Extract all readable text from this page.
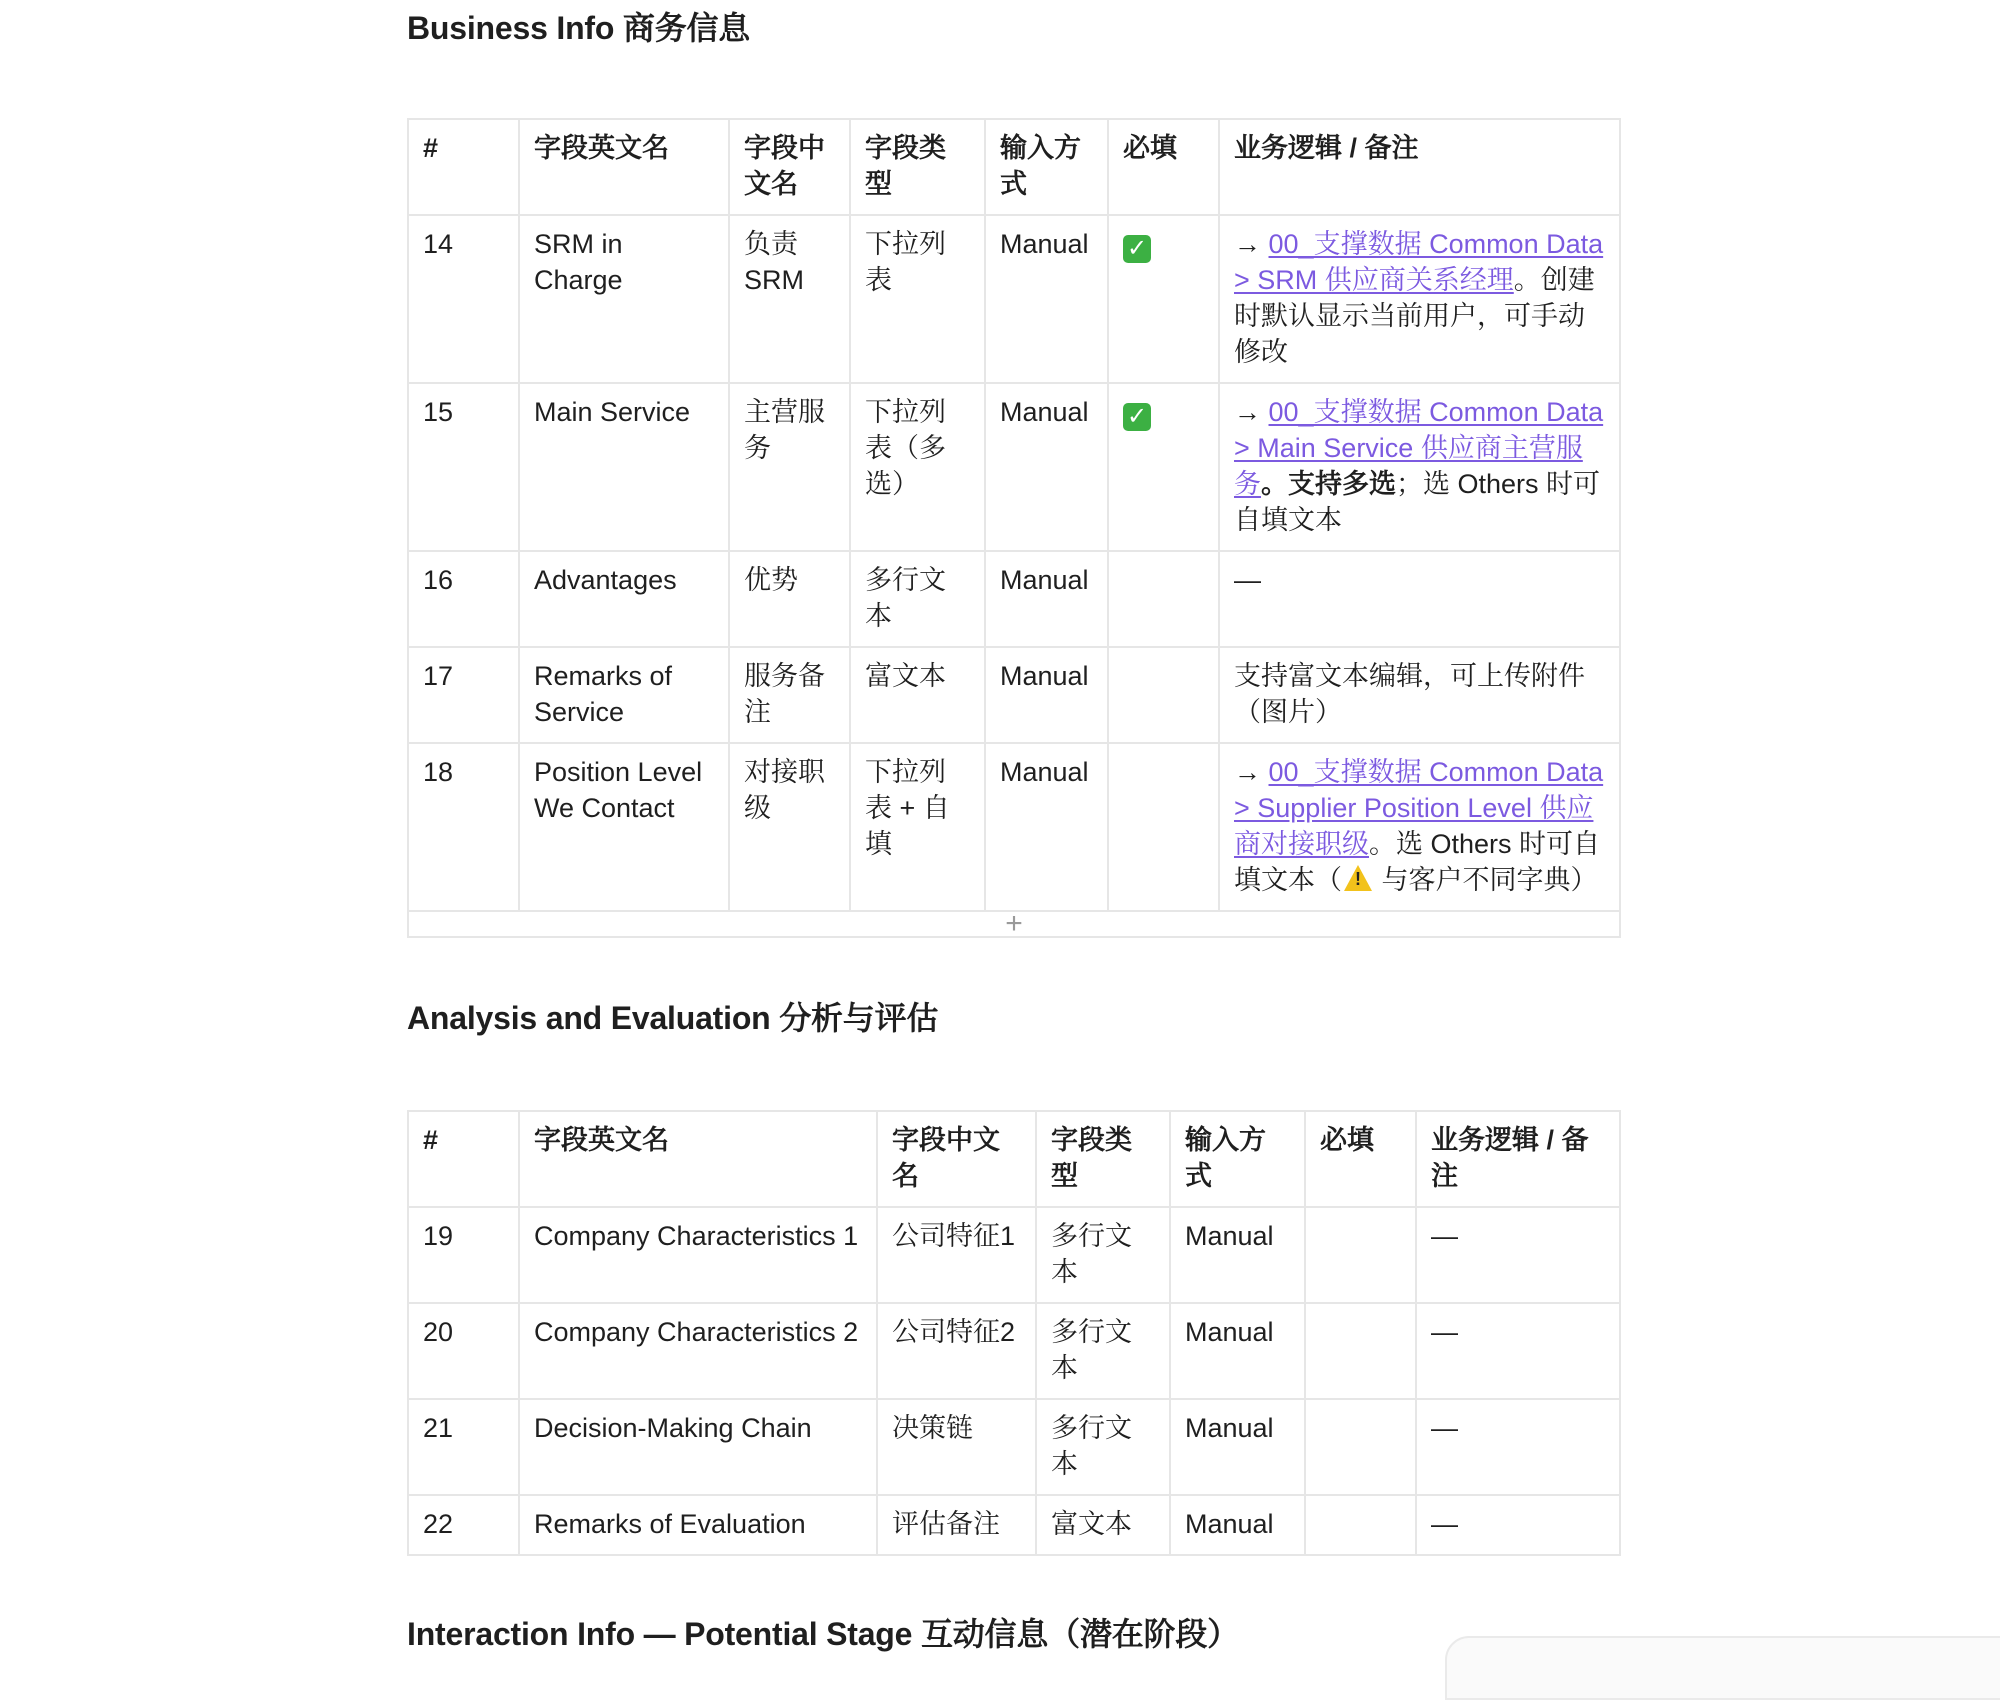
Business Info 商务信息
#	字段英文名	字段中文名	字段类型	输入方式	必填	业务逻辑 / 备注
14	SRM in Charge	负责SRM	下拉列表	Manual	✓	→ 00_支撑数据 Common Data > SRM 供应商关系经理。创建时默认显示当前用户，可手动修改
15	Main Service	主营服务	下拉列表（多选）	Manual	✓	→ 00_支撑数据 Common Data > Main Service 供应商主营服务。支持多选；选 Others 时可自填文本
16	Advantages	优势	多行文本	Manual		—
17	Remarks of Service	服务备注	富文本	Manual		支持富文本编辑，可上传附件（图片）
18	Position Level We Contact	对接职级	下拉列表 + 自填	Manual		→ 00_支撑数据 Common Data > Supplier Position Level 供应商对接职级。选 Others 时可自填文本（! 与客户不同字典）
+						
Analysis and Evaluation 分析与评估
#	字段英文名	字段中文名	字段类型	输入方式	必填	业务逻辑 / 备注
19	Company Characteristics 1	公司特征1	多行文本	Manual		—
20	Company Characteristics 2	公司特征2	多行文本	Manual		—
21	Decision-Making Chain	决策链	多行文本	Manual		—
22	Remarks of Evaluation	评估备注	富文本	Manual		—
Interaction Info — Potential Stage 互动信息（潜在阶段）
